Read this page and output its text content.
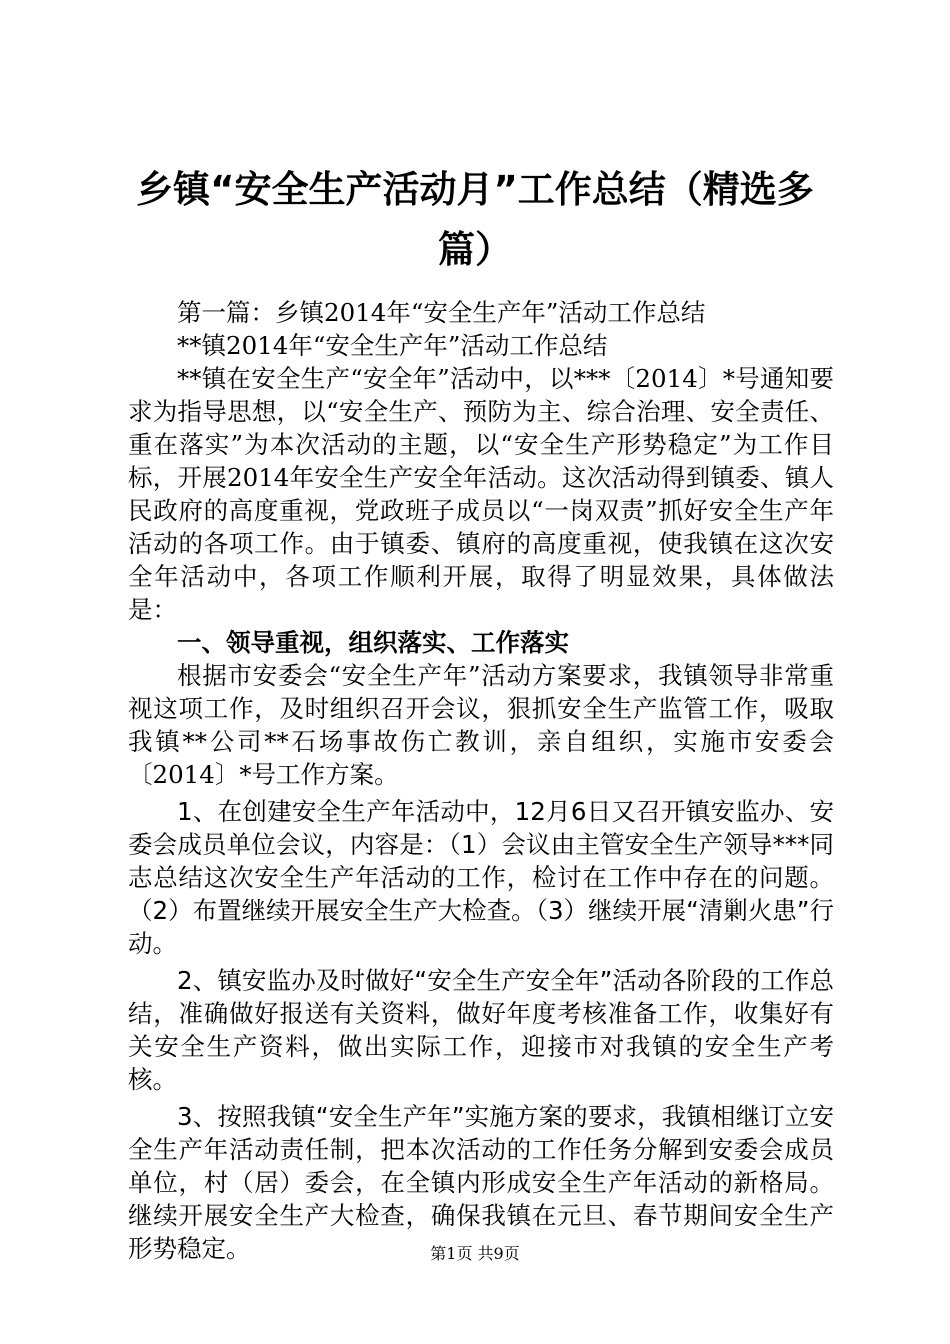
乡镇“安全生产活动月”工作总结（精选多篇）

第一篇：乡镇2014年“安全生产年”活动工作总结

**镇2014年“安全生产年”活动工作总结

**镇在安全生产“安全年”活动中，以***〔2014〕*号通知要求为指导思想，以“安全生产、预防为主、综合治理、安全责任、重在落实”为本次活动的主题，以“安全生产形势稳定”为工作目标，开展2014年安全生产安全年活动。这次活动得到镇委、镇人民政府的高度重视，党政班子成员以“一岗双责”抓好安全生产年活动的各项工作。由于镇委、镇府的高度重视，使我镇在这次安全年活动中，各项工作顺利开展，取得了明显效果，具体做法是：

一、领导重视，组织落实、工作落实

根据市安委会“安全生产年”活动方案要求，我镇领导非常重视这项工作，及时组织召开会议，狠抓安全生产监管工作，吸取我镇**公司**石场事故伤亡教训，亲自组织，实施市安委会〔2014〕*号工作方案。

1、在创建安全生产年活动中，12月6日又召开镇安监办、安委会成员单位会议，内容是：（1）会议由主管安全生产领导***同志总结这次安全生产年活动的工作，检讨在工作中存在的问题。（2）布置继续开展安全生产大检查。（3）继续开展“清剿火患”行动。

2、镇安监办及时做好“安全生产安全年”活动各阶段的工作总结，准确做好报送有关资料，做好年度考核准备工作，收集好有关安全生产资料，做出实际工作，迎接市对我镇的安全生产考核。

3、按照我镇“安全生产年”实施方案的要求，我镇相继订立安全生产年活动责任制，把本次活动的工作任务分解到安委会成员单位，村（居）委会，在全镇内形成安全生产年活动的新格局。继续开展安全生产大检查，确保我镇在元旦、春节期间安全生产形势稳定。	第1页 共9页
